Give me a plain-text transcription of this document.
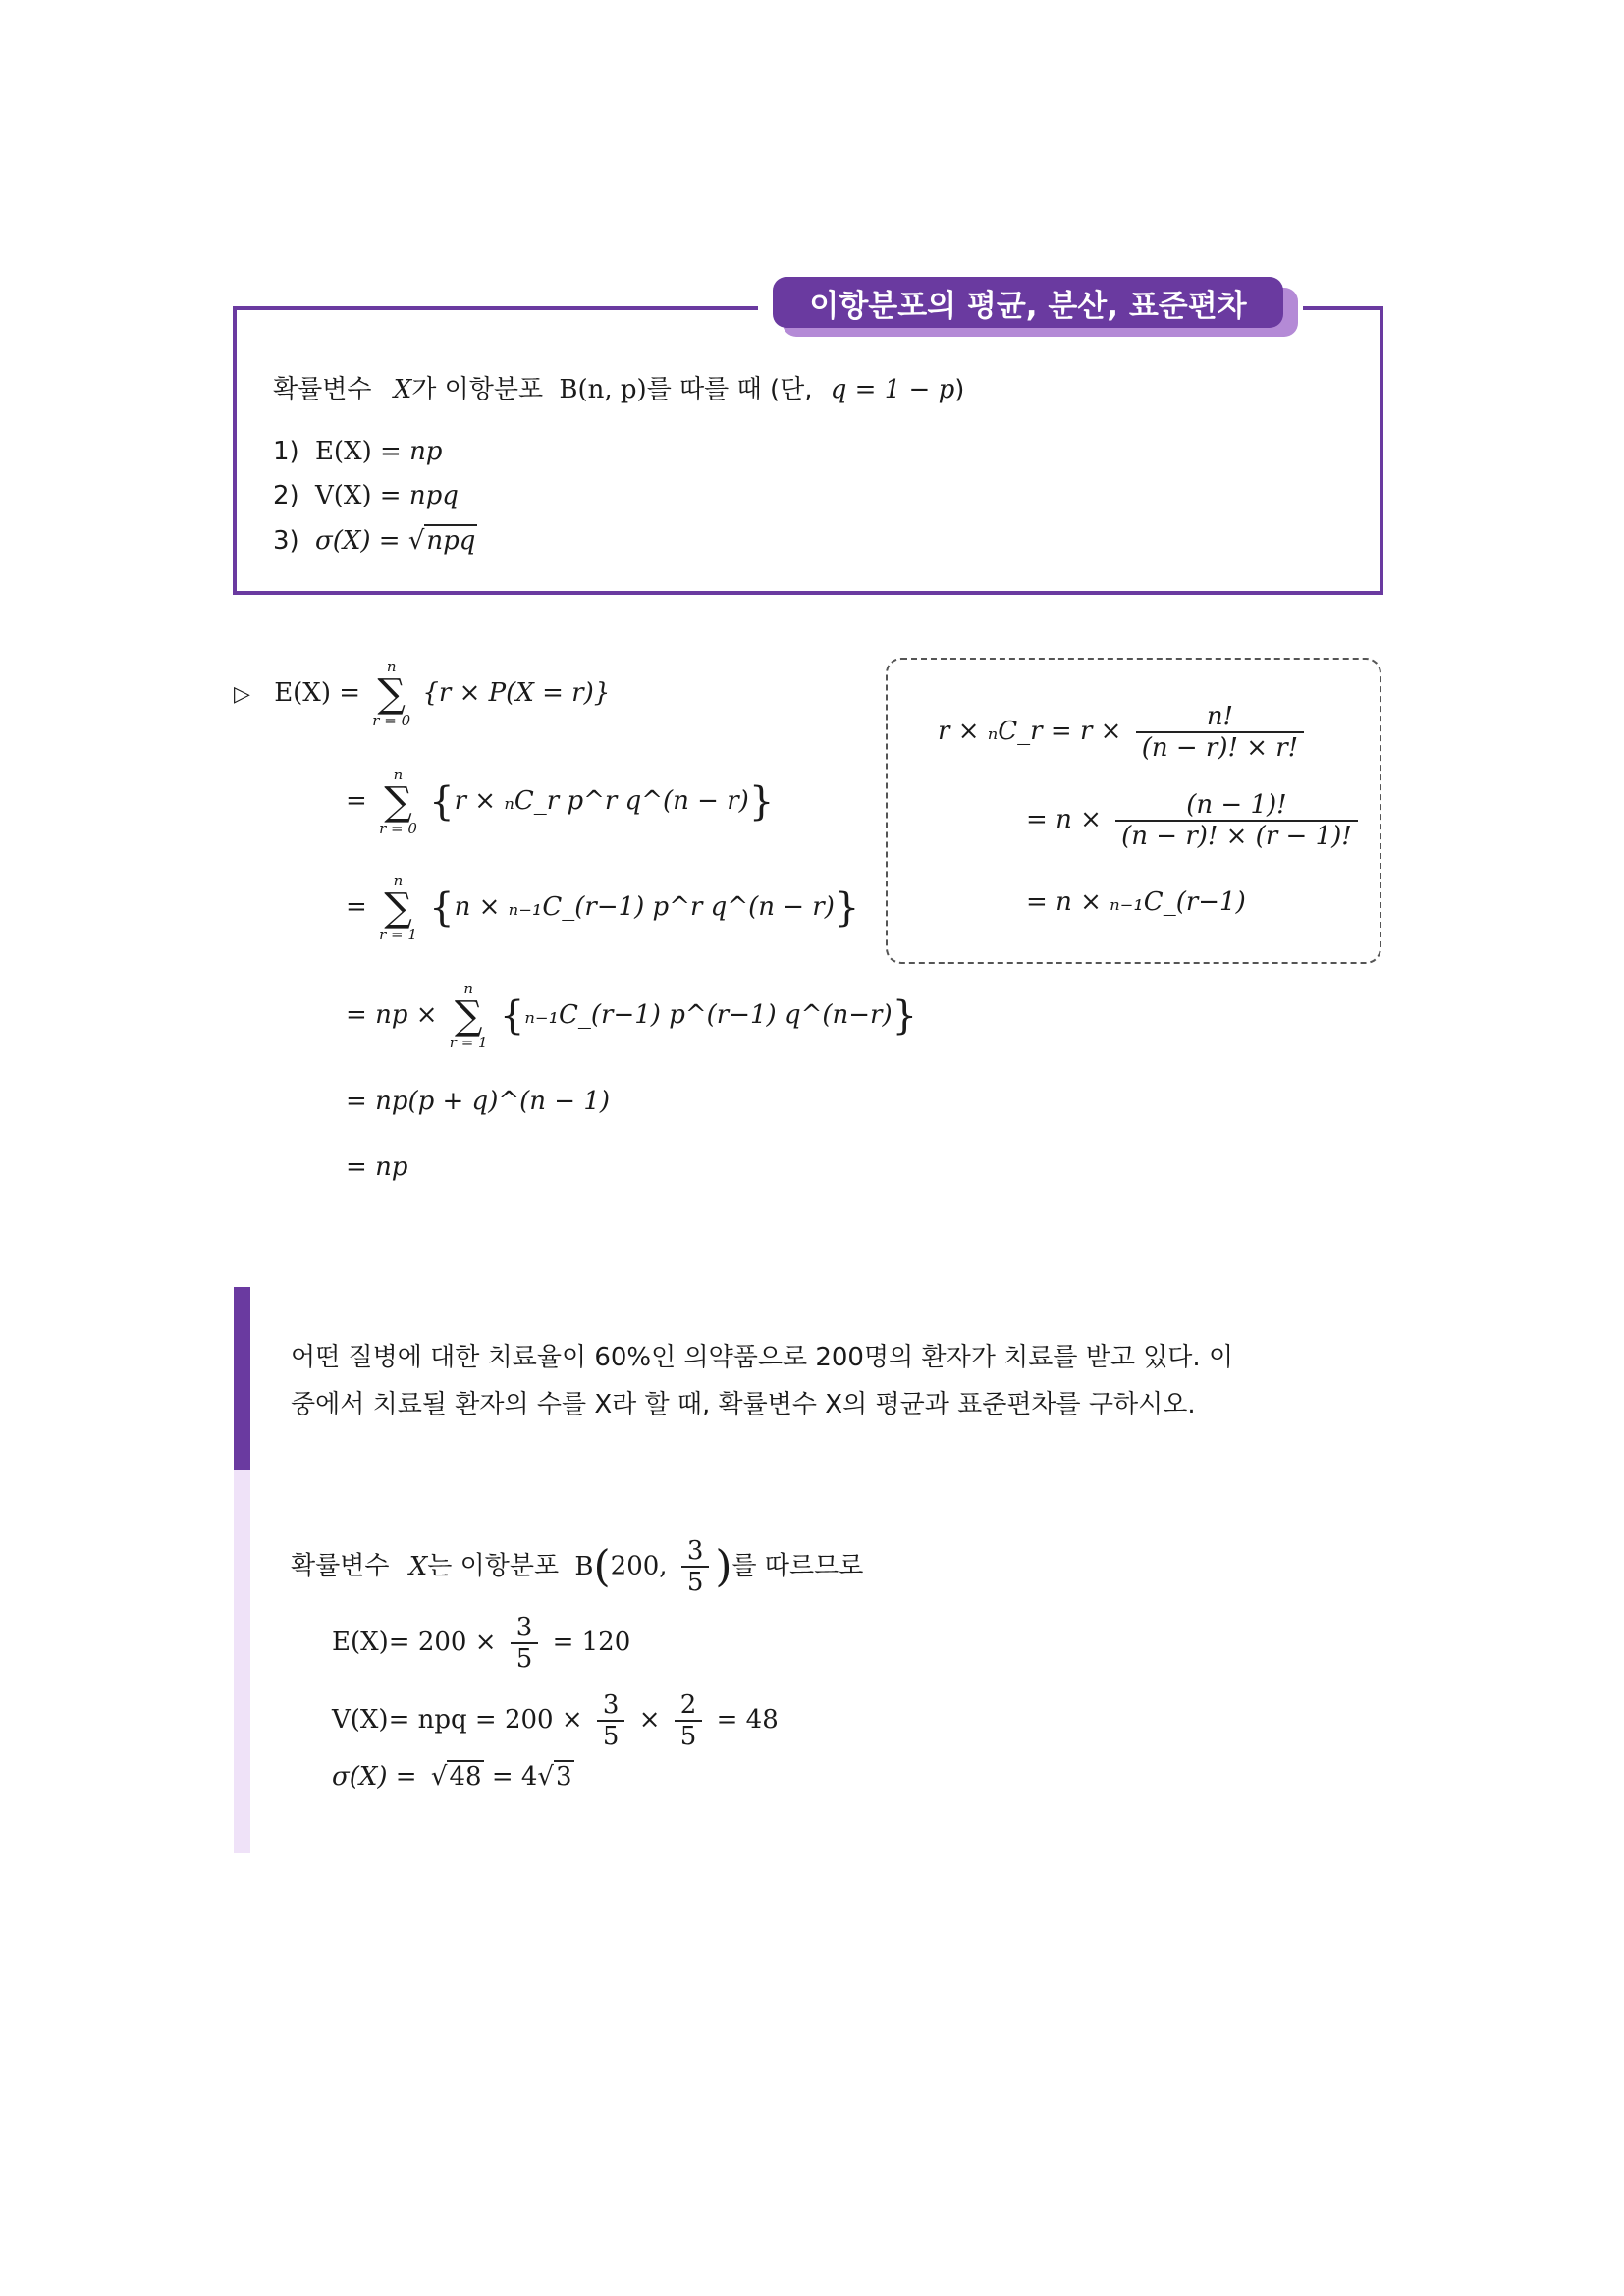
이항분포의 평균, 분산, 표준편차
확률변수 X가 이항분포 B(n, p)를 따를 때 (단, q = 1 − p)
1) E(X) = np
2) V(X) = npq
3) σ(X) = √npq
▷ E(X) =
n
∑
r = 0
{r × P(X = r)}
=
n
∑
r = 0
{r × ₙC_r p^r q^(n − r)}
=
n
∑
r = 1
{n × ₙ₋₁C_(r−1) p^r q^(n − r)}
= np ×
n
∑
r = 1
{ₙ₋₁C_(r−1) p^(r−1) q^(n−r)}
= np(p + q)^(n − 1)
= np
r × ₙC_r = $r \times \frac{n!}{(n - r)! \times r!}$
= $n \times \frac{(n - 1)!}{(n - r)! \times (r - 1)!}$
= n × ₙ₋₁C_(r−1)
어떤 질병에 대한 치료율이 60%인 의약품으로 200명의 환자가 치료를 받고 있다. 이
중에서 치료될 환자의 수를 X라 할 때, 확률변수 X의 평균과 표준편차를 구하시오.
확률변수 X는 이항분포 B(200, $\frac{3}{5}$ )를 따르므로
$E(X)= 200 \times \frac{3}{5} = 120$
V(X)= npq = $200 \times \frac{3}{5} \times \frac{2}{5} = 48$
σ(X) = √48 = 4√3
